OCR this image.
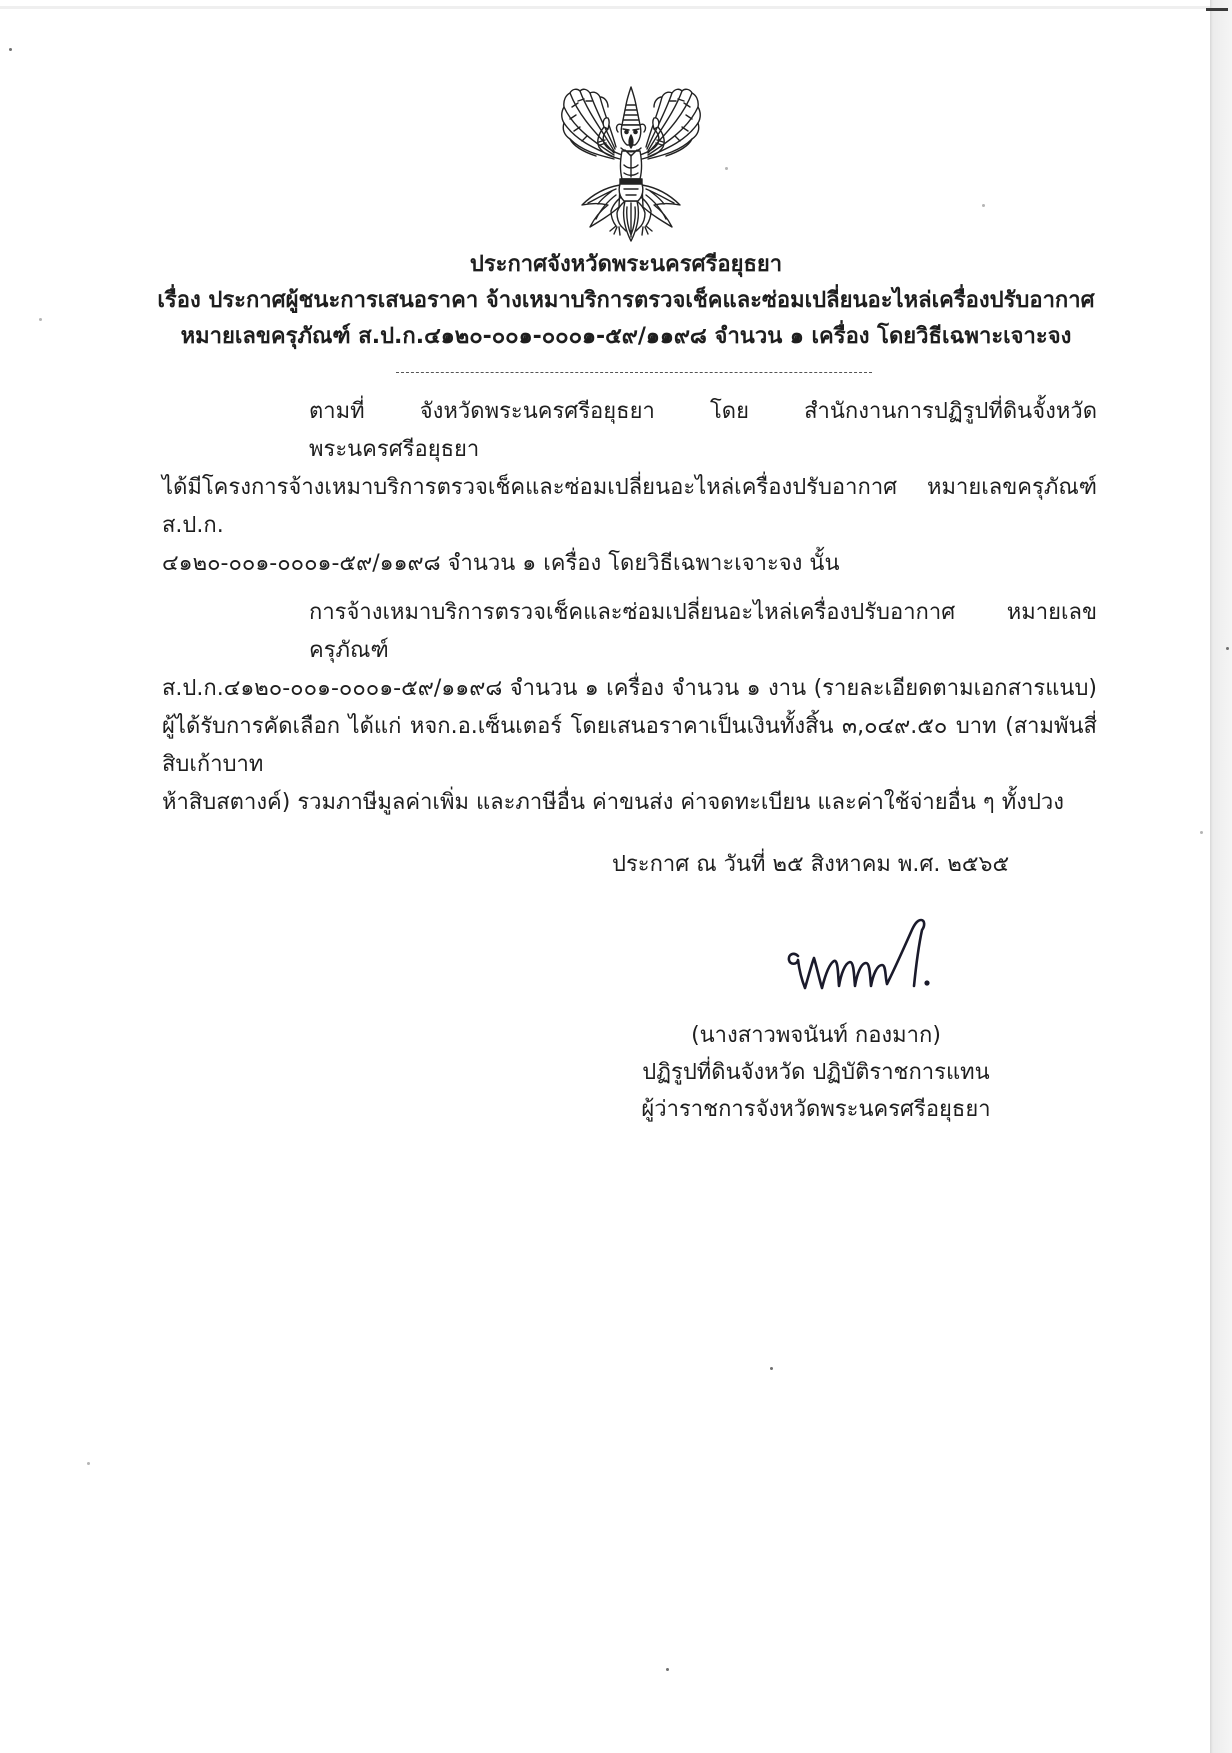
ประกาศจังหวัดพระนครศรีอยุธยา
เรื่อง ประกาศผู้ชนะการเสนอราคา จ้างเหมาบริการตรวจเช็คและซ่อมเปลี่ยนอะไหล่เครื่องปรับอากาศ
หมายเลขครุภัณฑ์ ส.ป.ก.๔๑๒๐-๐๐๑-๐๐๐๑-๕๙/๑๑๙๘ จำนวน ๑ เครื่อง โดยวิธีเฉพาะเจาะจง
ตามที่ จังหวัดพระนครศรีอยุธยา โดย สำนักงานการปฏิรูปที่ดินจั้งหวัดพระนครศรีอยุธยา
ได้มีโครงการจ้างเหมาบริการตรวจเช็คและซ่อมเปลี่ยนอะไหล่เครื่องปรับอากาศ หมายเลขครุภัณฑ์ ส.ป.ก.
๔๑๒๐-๐๐๑-๐๐๐๑-๕๙/๑๑๙๘ จำนวน ๑ เครื่อง โดยวิธีเฉพาะเจาะจง นั้น
การจ้างเหมาบริการตรวจเช็คและซ่อมเปลี่ยนอะไหล่เครื่องปรับอากาศ หมายเลขครุภัณฑ์
ส.ป.ก.๔๑๒๐-๐๐๑-๐๐๐๑-๕๙/๑๑๙๘ จำนวน ๑ เครื่อง จำนวน ๑ งาน (รายละเอียดตามเอกสารแนบ)
ผู้ได้รับการคัดเลือก ได้แก่ หจก.อ.เซ็นเตอร์ โดยเสนอราคาเป็นเงินทั้งสิ้น ๓,๐๔๙.๕๐ บาท (สามพันสี่สิบเก้าบาท
ห้าสิบสตางค์) รวมภาษีมูลค่าเพิ่ม และภาษีอื่น ค่าขนส่ง ค่าจดทะเบียน และค่าใช้จ่ายอื่น ๆ ทั้งปวง
ประกาศ ณ วันที่ ๒๕ สิงหาคม พ.ศ. ๒๕๖๕
(นางสาวพจนันท์ กองมาก)
ปฏิรูปที่ดินจังหวัด ปฏิบัติราชการแทน
ผู้ว่าราชการจังหวัดพระนครศรีอยุธยา
